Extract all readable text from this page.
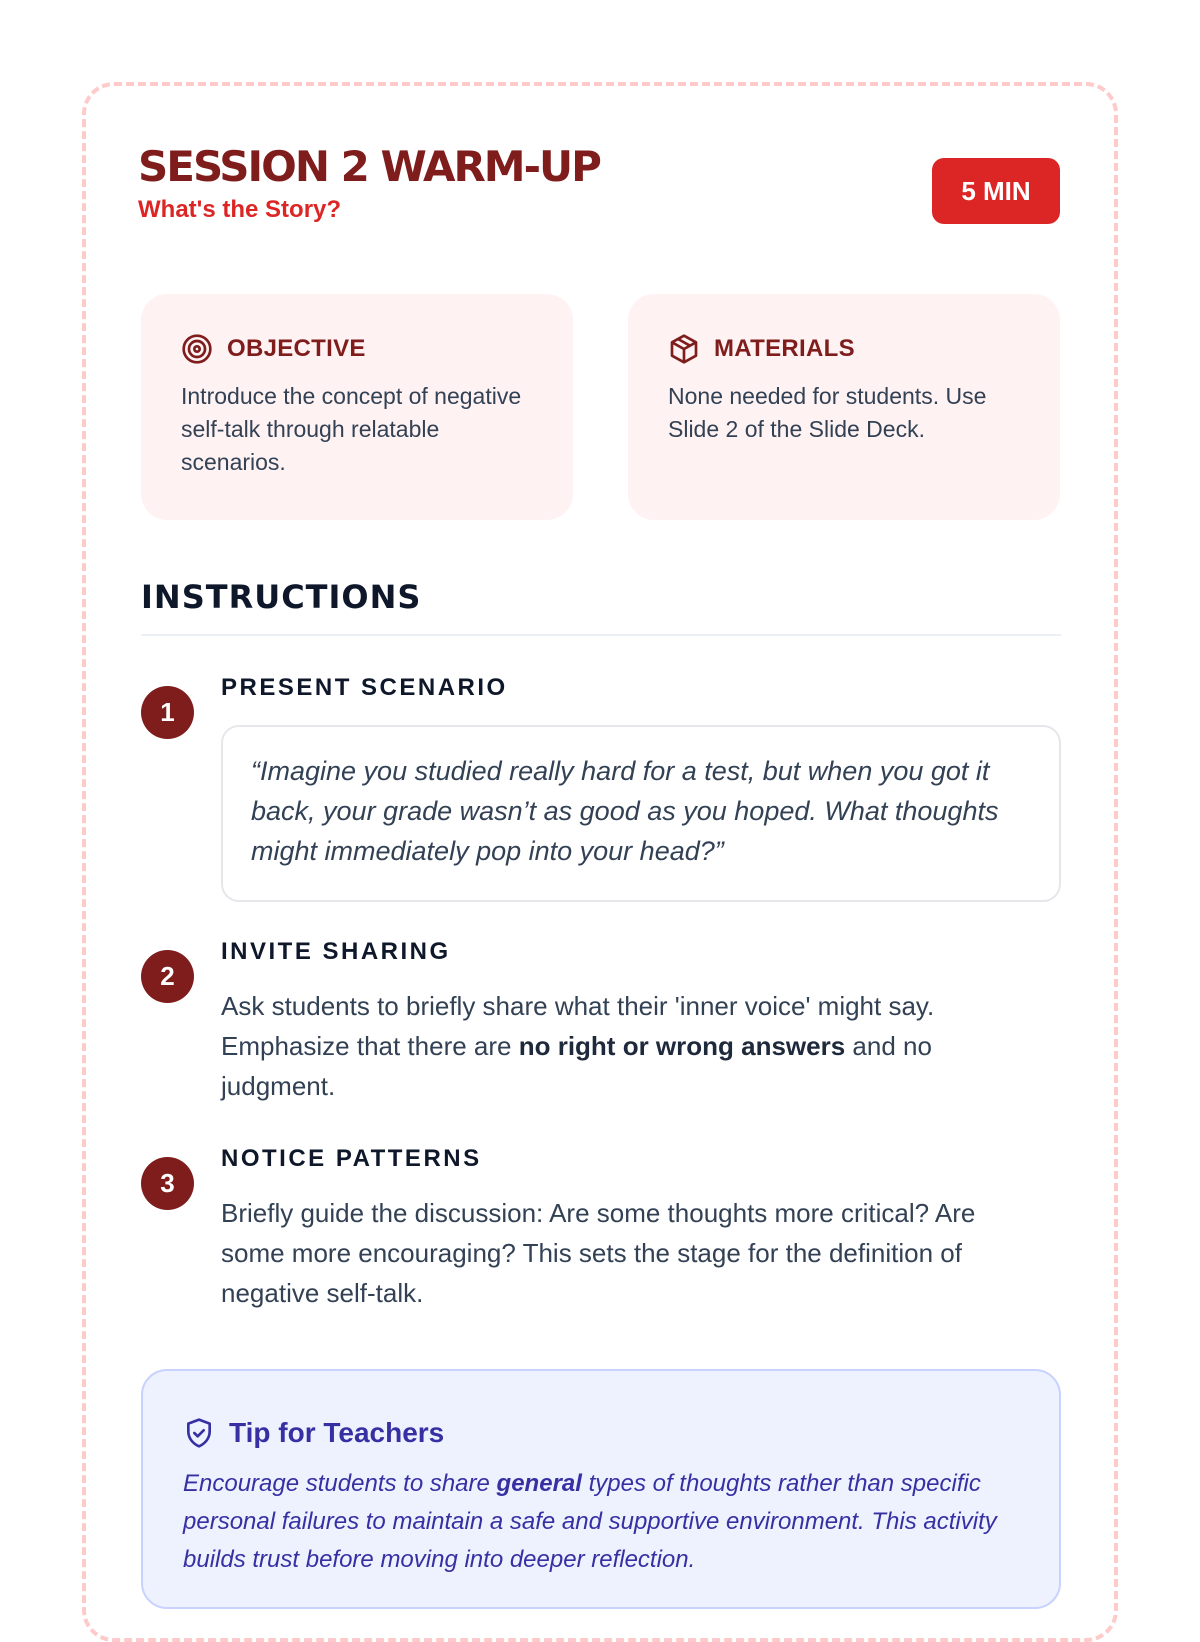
SESSION 2 WARM-UP
What's the Story?
5 MIN
OBJECTIVE
Introduce the concept of negative self-talk through relatable scenarios.
MATERIALS
None needed for students. Use Slide 2 of the Slide Deck.
INSTRUCTIONS
1
PRESENT SCENARIO
“Imagine you studied really hard for a test, but when you got it back, your grade wasn’t as good as you hoped. What thoughts might immediately pop into your head?”
2
INVITE SHARING
Ask students to briefly share what their 'inner voice' might say. Emphasize that there are no right or wrong answers and no judgment.
3
NOTICE PATTERNS
Briefly guide the discussion: Are some thoughts more critical? Are some more encouraging? This sets the stage for the definition of negative self-talk.
Tip for Teachers
Encourage students to share general types of thoughts rather than specific personal failures to maintain a safe and supportive environment. This activity builds trust before moving into deeper reflection.
